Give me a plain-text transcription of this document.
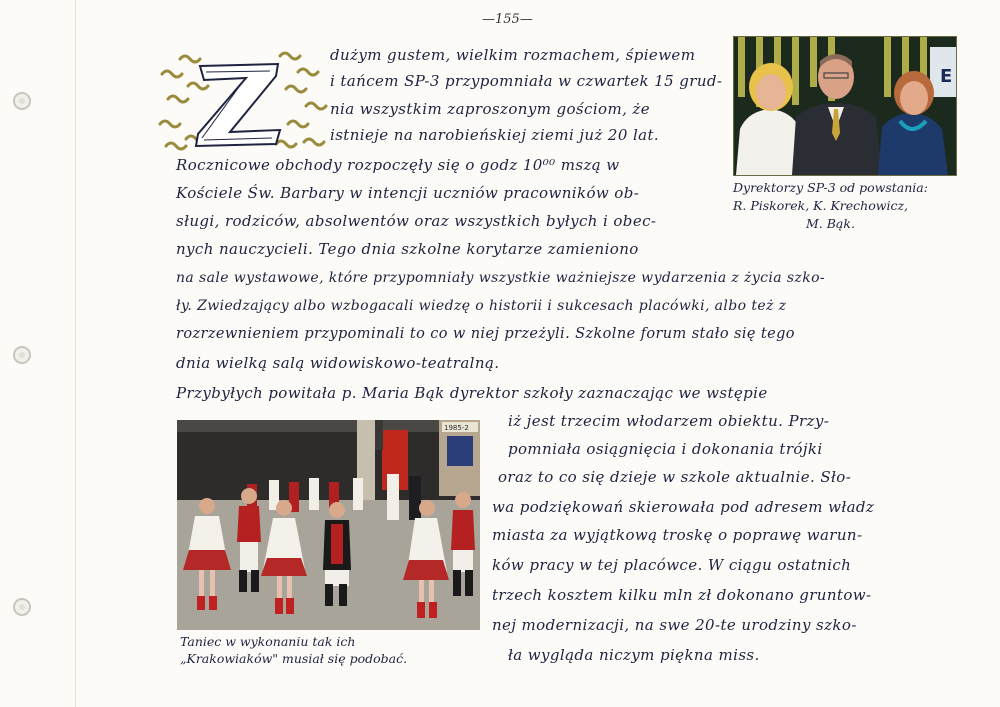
—155—
dużym gustem, wielkim rozmachem, śpiewem
i tańcem SP-3 przypomniała w czwartek 15 grud-
nia wszystkim zaproszonym gościom, że
istnieje na narobieńskiej ziemi już 20 lat.
Rocznicowe obchody rozpoczęły się o godz 10⁰⁰ mszą w
Kościele Św. Barbary w intencji uczniów pracowników ob-
sługi, rodziców, absolwentów oraz wszystkich byłych i obec-
nych nauczycieli. Tego dnia szkolne korytarze zamieniono
na sale wystawowe, które przypomniały wszystkie ważniejsze wydarzenia z życia szko-
ły. Zwiedzający albo wzbogacali wiedzę o historii i sukcesach placówki, albo też z
rozrzewnieniem przypominali to co w niej przeżyli. Szkolne forum stało się tego
dnia wielką salą widowiskowo-teatralną.
Przybyłych powitała p. Maria Bąk dyrektor szkoły zaznaczając we wstępie
iż jest trzecim włodarzem obiektu. Przy-
pomniała osiągnięcia i dokonania trójki
oraz to co się dzieje w szkole aktualnie. Sło-
wa podziękowań skierowała pod adresem władz
miasta za wyjątkową troskę o poprawę warun-
ków pracy w tej placówce. W ciągu ostatnich
trzech kosztem kilku mln zł dokonano gruntow-
nej modernizacji, na swe 20-te urodziny szko-
ła wygląda niczym piękna miss.
E
Dyrektorzy SP-3 od powstania:
R. Piskorek, K. Krechowicz,
M. Bąk.
1985-2
Taniec w wykonaniu tak ich
„Krakowiaków" musiał się podobać.
